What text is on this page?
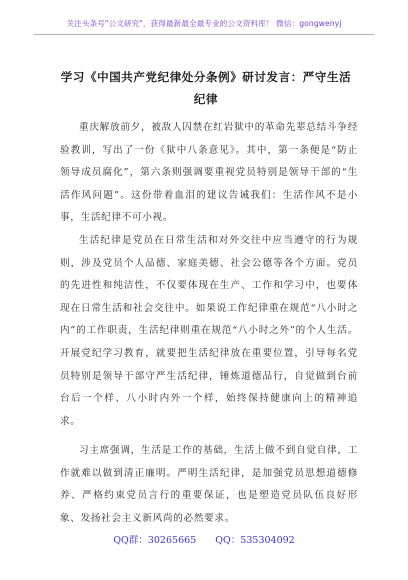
关注头条号"公文研究"，获得最新最全最专业的公文资料库！ 微信：gongwenyj
学习《中国共产党纪律处分条例》研讨发言：严守生活纪律

重庆解放前夕，被敌人囚禁在红岩狱中的革命先辈总结斗争经验教训，写出了一份《狱中八条意见》。其中，第一条便是“防止领导成员腐化”，第六条则强调要重视党员特别是领导干部的“生活作风问题”。这份带着血泪的建议告诫我们：生活作风不是小事，生活纪律不可小视。

生活纪律是党员在日常生活和对外交往中应当遵守的行为规则，涉及党员个人品德、家庭美德、社会公德等各个方面。党员的先进性和纯洁性，不仅要体现在生产、工作和学习中，也要体现在日常生活和社会交往中。如果说工作纪律重在规范“八小时之内”的工作职责，生活纪律则重在规范“八小时之外”的个人生活。开展党纪学习教育，就要把生活纪律放在重要位置，引导每名党员特别是领导干部守严生活纪律，锤炼道德品行，自觉做到台前台后一个样、八小时内外一个样，始终保持健康向上的精神追求。

习主席强调，生活是工作的基础，生活上做不到自觉自律，工作就难以做到清正廉明。严明生活纪律，是加强党员思想道德修养、严格约束党员言行的重要保证，也是塑造党员队伍良好形象、发扬社会主义新风尚的必然要求。

QQ群：30265665 QQ：535304092
